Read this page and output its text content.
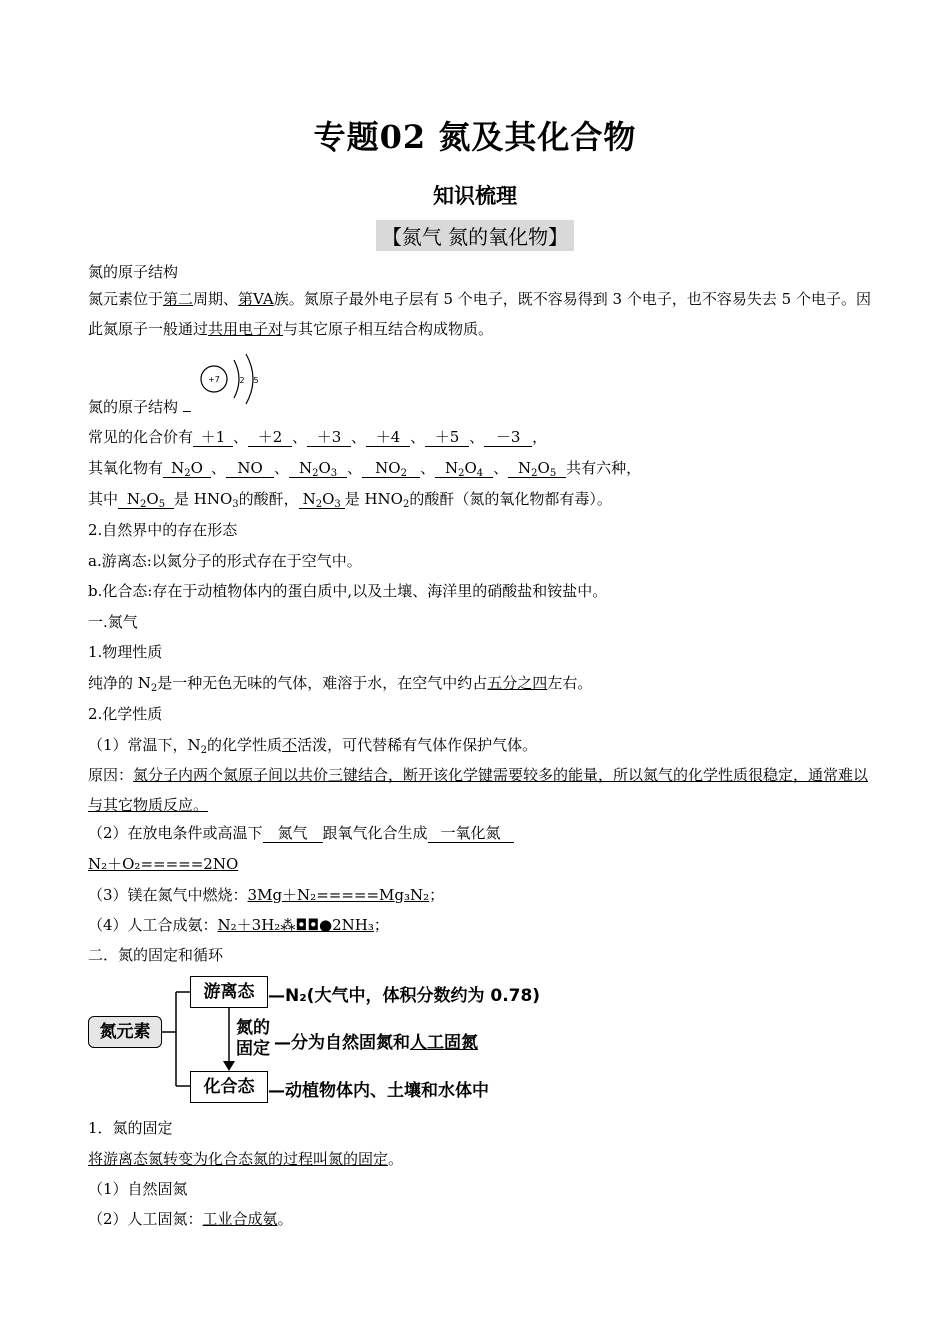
专题02 氮及其化合物
知识梳理
【氮气 氮的氧化物】
氮的原子结构
氮元素位于第二周期、第VA族。氮原子最外电子层有 5 个电子，既不容易得到 3 个电子，也不容易失去 5 个电子。因此氮原子一般通过共用电子对与其它原子相互结合构成物质。
氮的原子结构
+7 2 5
常见的化合价有 ＋1 、 ＋2 、 ＋3 、 ＋4 、 ＋5 、 －3 ，
其氧化物有 $N_2O$ 、 NO 、 $N_2O_3$ 、 $NO_2$ 、 $N_2O_4$ 、 $N_2O_5$ 共有六种，
其中 $N_2O_5$ 是 $HNO_3$的酸酐， $N_2O_3$ 是 $HNO_2$的酸酐（氮的氧化物都有毒）。
2.自然界中的存在形态
a.游离态:以氮分子的形式存在于空气中。
b.化合态:存在于动植物体内的蛋白质中,以及土壤、海洋里的硝酸盐和铵盐中。
一.氮气
1.物理性质
纯净的 $N_2$是一种无色无味的气体，难溶于水，在空气中约占五分之四左右。
2.化学性质
（1）常温下，$N_2$的化学性质不活泼，可代替稀有气体作保护气体。
原因：氮分子内两个氮原子间以共价三键结合，断开该化学键需要较多的能量，所以氮气的化学性质很稳定，通常难以与其它物质反应。
（2）在放电条件或高温下 氮气 跟氧气化合生成 一氧化氮
N₂＋O₂=====2NO
（3）镁在氮气中燃烧：3Mg＋N₂=====Mg₃N₂；
（4）人工合成氨：N₂＋3H₂⁂◘◘●2NH₃；
二．氮的固定和循环
氮元素
游离态
化合态
氮的
固定
—N₂(大气中，体积分数约为 0.78)
—分为自然固氮和人工固氮
—动植物体内、土壤和水体中
1．氮的固定
将游离态氮转变为化合态氮的过程叫氮的固定。
（1）自然固氮
（2）人工固氮：工业合成氨。
